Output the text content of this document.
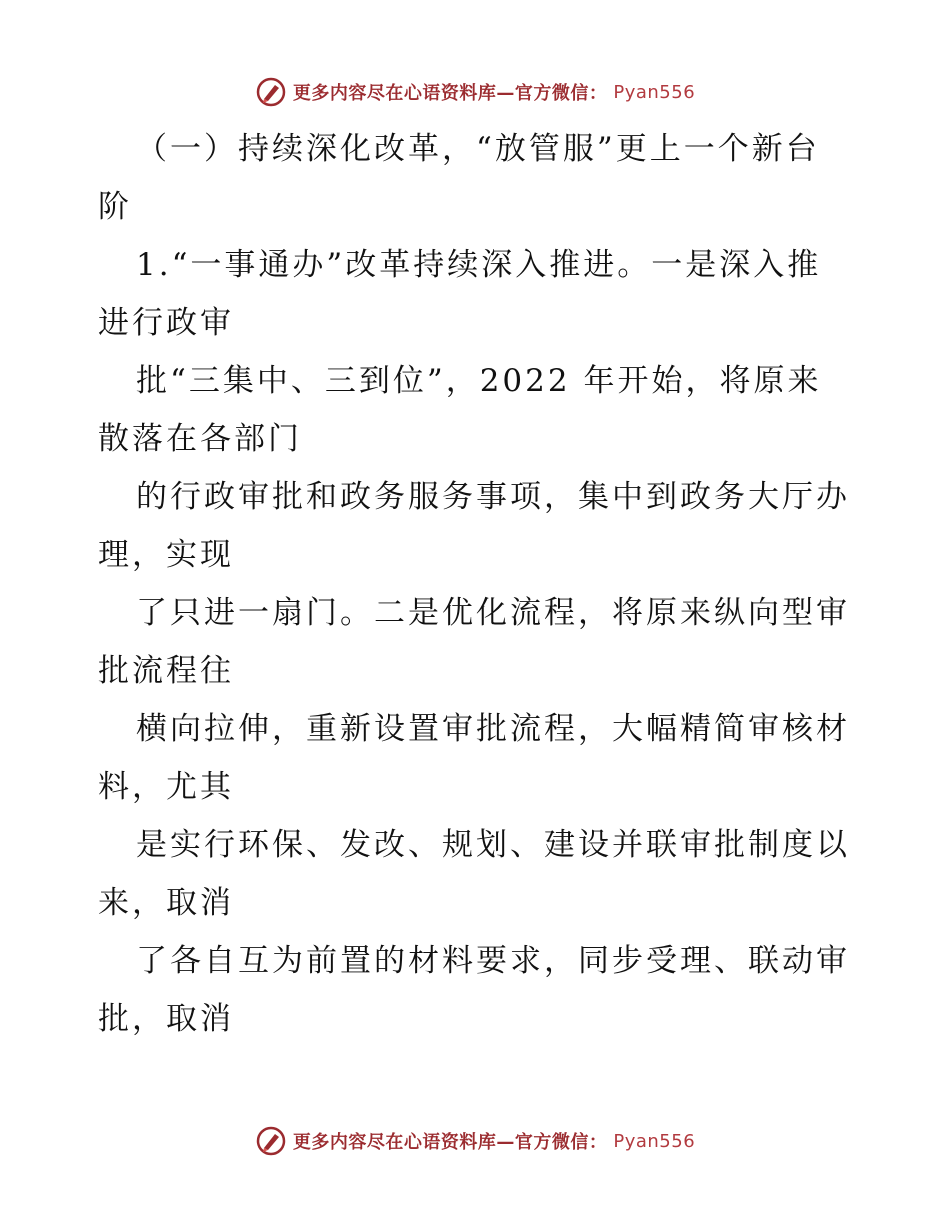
更多内容尽在心语资料库—官方微信： Pyan556
（一）持续深化改革，“放管服”更上一个新台
阶
1.“一事通办”改革持续深入推进。一是深入推
进行政审
批“三集中、三到位”，2022 年开始，将原来
散落在各部门
的行政审批和政务服务事项，集中到政务大厅办
理，实现
了只进一扇门。二是优化流程，将原来纵向型审
批流程往
横向拉伸，重新设置审批流程，大幅精简审核材
料，尤其
是实行环保、发改、规划、建设并联审批制度以
来，取消
了各自互为前置的材料要求，同步受理、联动审
批，取消
更多内容尽在心语资料库—官方微信： Pyan556
